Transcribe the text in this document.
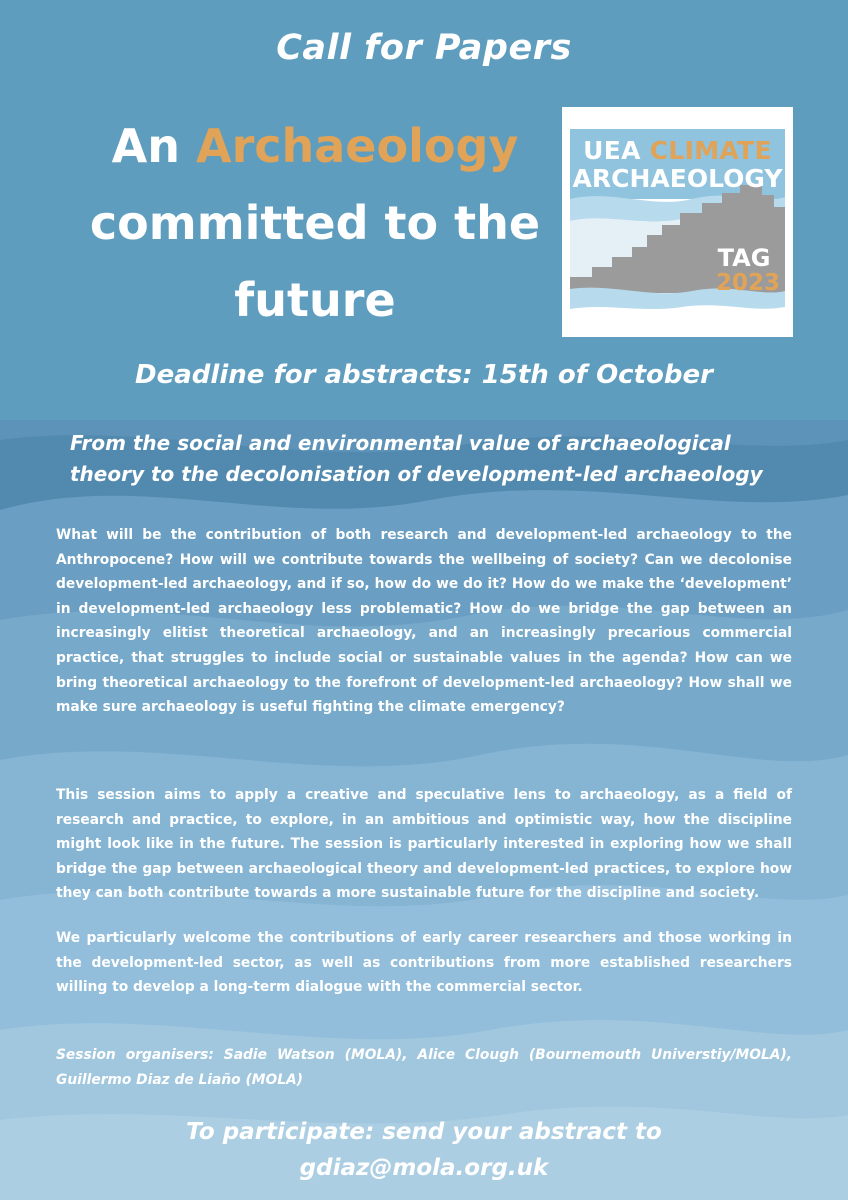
Call for Papers
An Archaeology
committed to the future
UEA CLIMATE
ARCHAEOLOGY
TAG
2023
Deadline for abstracts: 15th of October
From the social and environmental value of archaeological theory to the decolonisation of development-led archaeology
What will be the contribution of both research and development-led archaeology to the Anthropocene? How will we contribute towards the wellbeing of society? Can we decolonise development-led archaeology, and if so, how do we do it? How do we make the ‘development’ in development-led archaeology less problematic? How do we bridge the gap between an increasingly elitist theoretical archaeology, and an increasingly precarious commercial practice, that struggles to include social or sustainable values in the agenda? How can we bring theoretical archaeology to the forefront of development-led archaeology? How shall we make sure archaeology is useful fighting the climate emergency?
This session aims to apply a creative and speculative lens to archaeology, as a field of research and practice, to explore, in an ambitious and optimistic way, how the discipline might look like in the future. The session is particularly interested in exploring how we shall bridge the gap between archaeological theory and development-led practices, to explore how they can both contribute towards a more sustainable future for the discipline and society.
We particularly welcome the contributions of early career researchers and those working in the development-led sector, as well as contributions from more established researchers willing to develop a long-term dialogue with the commercial sector.
Session organisers: Sadie Watson (MOLA), Alice Clough (Bournemouth Universtiy/MOLA), Guillermo Diaz de Liaño (MOLA)
To participate: send your abstract to
gdiaz@mola.org.uk
